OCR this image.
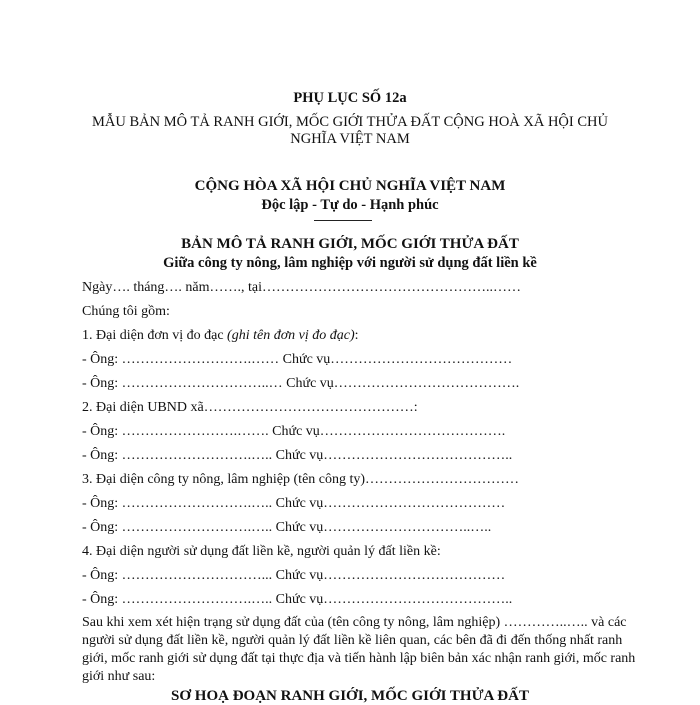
PHỤ LỤC SỐ 12a
MẪU BẢN MÔ TẢ RANH GIỚI, MỐC GIỚI THỬA ĐẤT CỘNG HOÀ XÃ HỘI CHỦ
NGHĨA VIỆT NAM
CỘNG HÒA XÃ HỘI CHỦ NGHĨA VIỆT NAM
Độc lập - Tự do - Hạnh phúc
BẢN MÔ TẢ RANH GIỚI, MỐC GIỚI THỬA ĐẤT
Giữa công ty nông, lâm nghiệp với người sử dụng đất liền kề
Ngày…. tháng…. năm……., tại…………………………………………..……
Chúng tôi gồm:
1. Đại diện đơn vị đo đạc (ghi tên đơn vị đo đạc):
- Ông: ……………………….…… Chức vụ…………………………………
- Ông: …………………………..… Chức vụ………………………………….
2. Đại diện UBND xã………………………………………:
- Ông: …………………….……. Chức vụ………………………………….
- Ông: ……………………….….. Chức vụ…………………………………..
3. Đại diện công ty nông, lâm nghiệp (tên công ty)……………………………
- Ông: ……………………….….. Chức vụ…………………………………
- Ông: ……………………….….. Chức vụ…………………………..…..
4. Đại diện người sử dụng đất liền kề, người quản lý đất liền kề:
- Ông: …………………………... Chức vụ…………………………………
- Ông: ……………………….….. Chức vụ…………………………………..
Sau khi xem xét hiện trạng sử dụng đất của (tên công ty nông, lâm nghiệp) …………..….. và các người sử dụng đất liền kề, người quản lý đất liền kề liên quan, các bên đã đi đến thống nhất ranh giới, mốc ranh giới sử dụng đất tại thực địa và tiến hành lập biên bản xác nhận ranh giới, mốc ranh giới như sau:
SƠ HOẠ ĐOẠN RANH GIỚI, MỐC GIỚI THỬA ĐẤT
